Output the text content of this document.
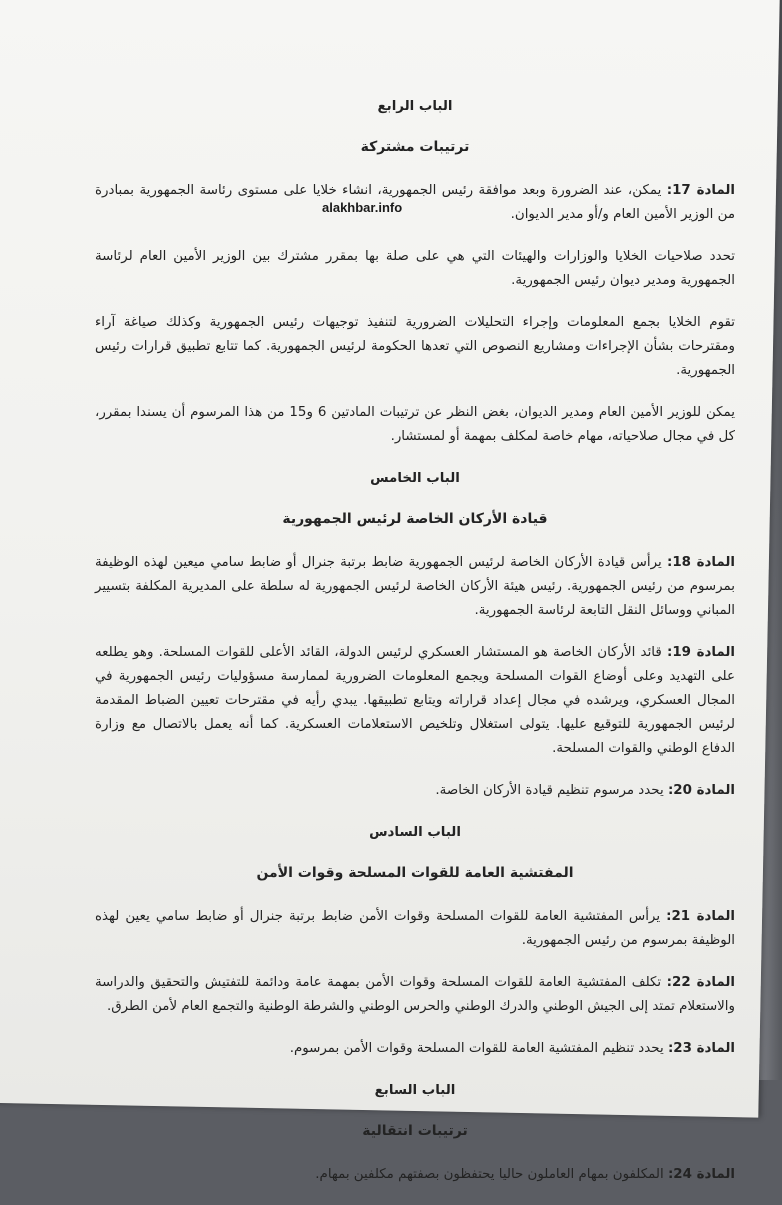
الباب الرابع
ترتيبات مشتركة

المادة 17: يمكن، عند الضرورة وبعد موافقة رئيس الجمهورية، انشاء خلايا على مستوى رئاسة الجمهورية بمبادرة من الوزير الأمين العام و/أو مدير الديوان.

تحدد صلاحيات الخلايا والوزارات والهيئات التي هي على صلة بها بمقرر مشترك بين الوزير الأمين العام لرئاسة الجمهورية ومدير ديوان رئيس الجمهورية.

تقوم الخلايا بجمع المعلومات وإجراء التحليلات الضرورية لتنفيذ توجيهات رئيس الجمهورية وكذلك صياغة آراء ومقترحات بشأن الإجراءات ومشاريع النصوص التي تعدها الحكومة لرئيس الجمهورية. كما تتابع تطبيق قرارات رئيس الجمهورية.

يمكن للوزير الأمين العام ومدير الديوان، بغض النظر عن ترتيبات المادتين 6 و15 من هذا المرسوم أن يسندا بمقرر، كل في مجال صلاحياته، مهام خاصة لمكلف بمهمة أو لمستشار.

الباب الخامس
قيادة الأركان الخاصة لرئيس الجمهورية

المادة 18: يرأس قيادة الأركان الخاصة لرئيس الجمهورية ضابط برتبة جنرال أو ضابط سامي ميعين لهذه الوظيفة بمرسوم من رئيس الجمهورية. رئيس هيئة الأركان الخاصة لرئيس الجمهورية له سلطة على المديرية المكلفة بتسيير المباني ووسائل النقل التابعة لرئاسة الجمهورية.

المادة 19: قائد الأركان الخاصة هو المستشار العسكري لرئيس الدولة، القائد الأعلى للقوات المسلحة. وهو يطلعه على التهديد وعلى أوضاع القوات المسلحة ويجمع المعلومات الضرورية لممارسة مسؤوليات رئيس الجمهورية في المجال العسكري، ويرشده في مجال إعداد قراراته ويتابع تطبيقها. يبدي رأيه في مقترحات تعيين الضباط المقدمة لرئيس الجمهورية للتوقيع عليها. يتولى استغلال وتلخيص الاستعلامات العسكرية. كما أنه يعمل بالاتصال مع وزارة الدفاع الوطني والقوات المسلحة.

المادة 20: يحدد مرسوم تنظيم قيادة الأركان الخاصة.

الباب السادس
المفتشية العامة للقوات المسلحة وقوات الأمن

المادة 21: يرأس المفتشية العامة للقوات المسلحة وقوات الأمن ضابط برتبة جنرال أو ضابط سامي يعين لهذه الوظيفة بمرسوم من رئيس الجمهورية.

المادة 22: تكلف المفتشية العامة للقوات المسلحة وقوات الأمن بمهمة عامة ودائمة للتفتيش والتحقيق والدراسة والاستعلام تمتد إلى الجيش الوطني والدرك الوطني والحرس الوطني والشرطة الوطنية والتجمع العام لأمن الطرق.

المادة 23: يحدد تنظيم المفتشية العامة للقوات المسلحة وقوات الأمن بمرسوم.

الباب السابع
ترتيبات انتقالية

المادة 24: المكلفون بمهام العاملون حاليا يحتفظون بصفتهم مكلفين بمهام.

alakhbar.info
